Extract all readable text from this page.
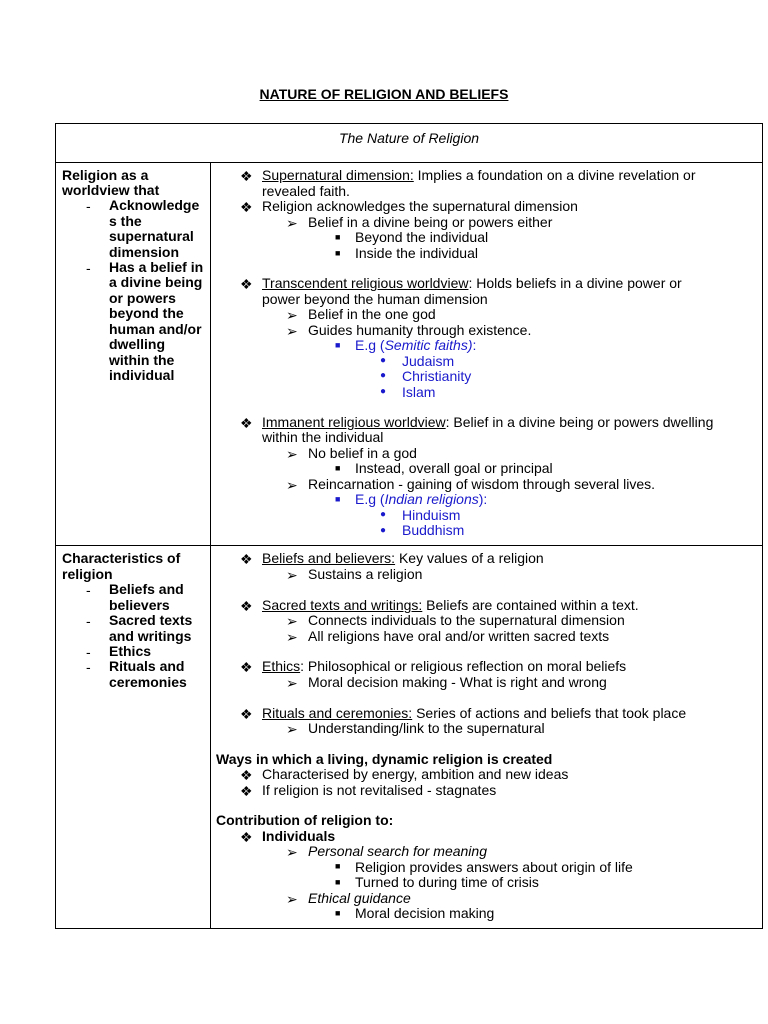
NATURE OF RELIGION AND BELIEFS
The Nature of Religion
Religion as a
worldview that
- Acknowledge
s the
supernatural
dimension
- Has a belief in
a divine being
or powers
beyond the
human and/or
dwelling
within the
individual
❖ Supernatural dimension: Implies a foundation on a divine revelation or
revealed faith.
❖ Religion acknowledges the supernatural dimension
➢ Belief in a divine being or powers either
■ Beyond the individual
■ Inside the individual
❖ Transcendent religious worldview: Holds beliefs in a divine power or
power beyond the human dimension
➢ Belief in the one god
➢ Guides humanity through existence.
■ E.g (Semitic faiths):
● Judaism
● Christianity
● Islam
❖ Immanent religious worldview: Belief in a divine being or powers dwelling
within the individual
➢ No belief in a god
■ Instead, overall goal or principal
➢ Reincarnation - gaining of wisdom through several lives.
■ E.g (Indian religions):
● Hinduism
● Buddhism
Characteristics of
religion
- Beliefs and
believers
- Sacred texts
and writings
- Ethics
- Rituals and
ceremonies
❖ Beliefs and believers: Key values of a religion
➢ Sustains a religion
❖ Sacred texts and writings: Beliefs are contained within a text.
➢ Connects individuals to the supernatural dimension
➢ All religions have oral and/or written sacred texts
❖ Ethics: Philosophical or religious reflection on moral beliefs
➢ Moral decision making - What is right and wrong
❖ Rituals and ceremonies: Series of actions and beliefs that took place
➢ Understanding/link to the supernatural
Ways in which a living, dynamic religion is created
❖ Characterised by energy, ambition and new ideas
❖ If religion is not revitalised - stagnates
Contribution of religion to:
❖ Individuals
➢ Personal search for meaning
■ Religion provides answers about origin of life
■ Turned to during time of crisis
➢ Ethical guidance
■ Moral decision making
